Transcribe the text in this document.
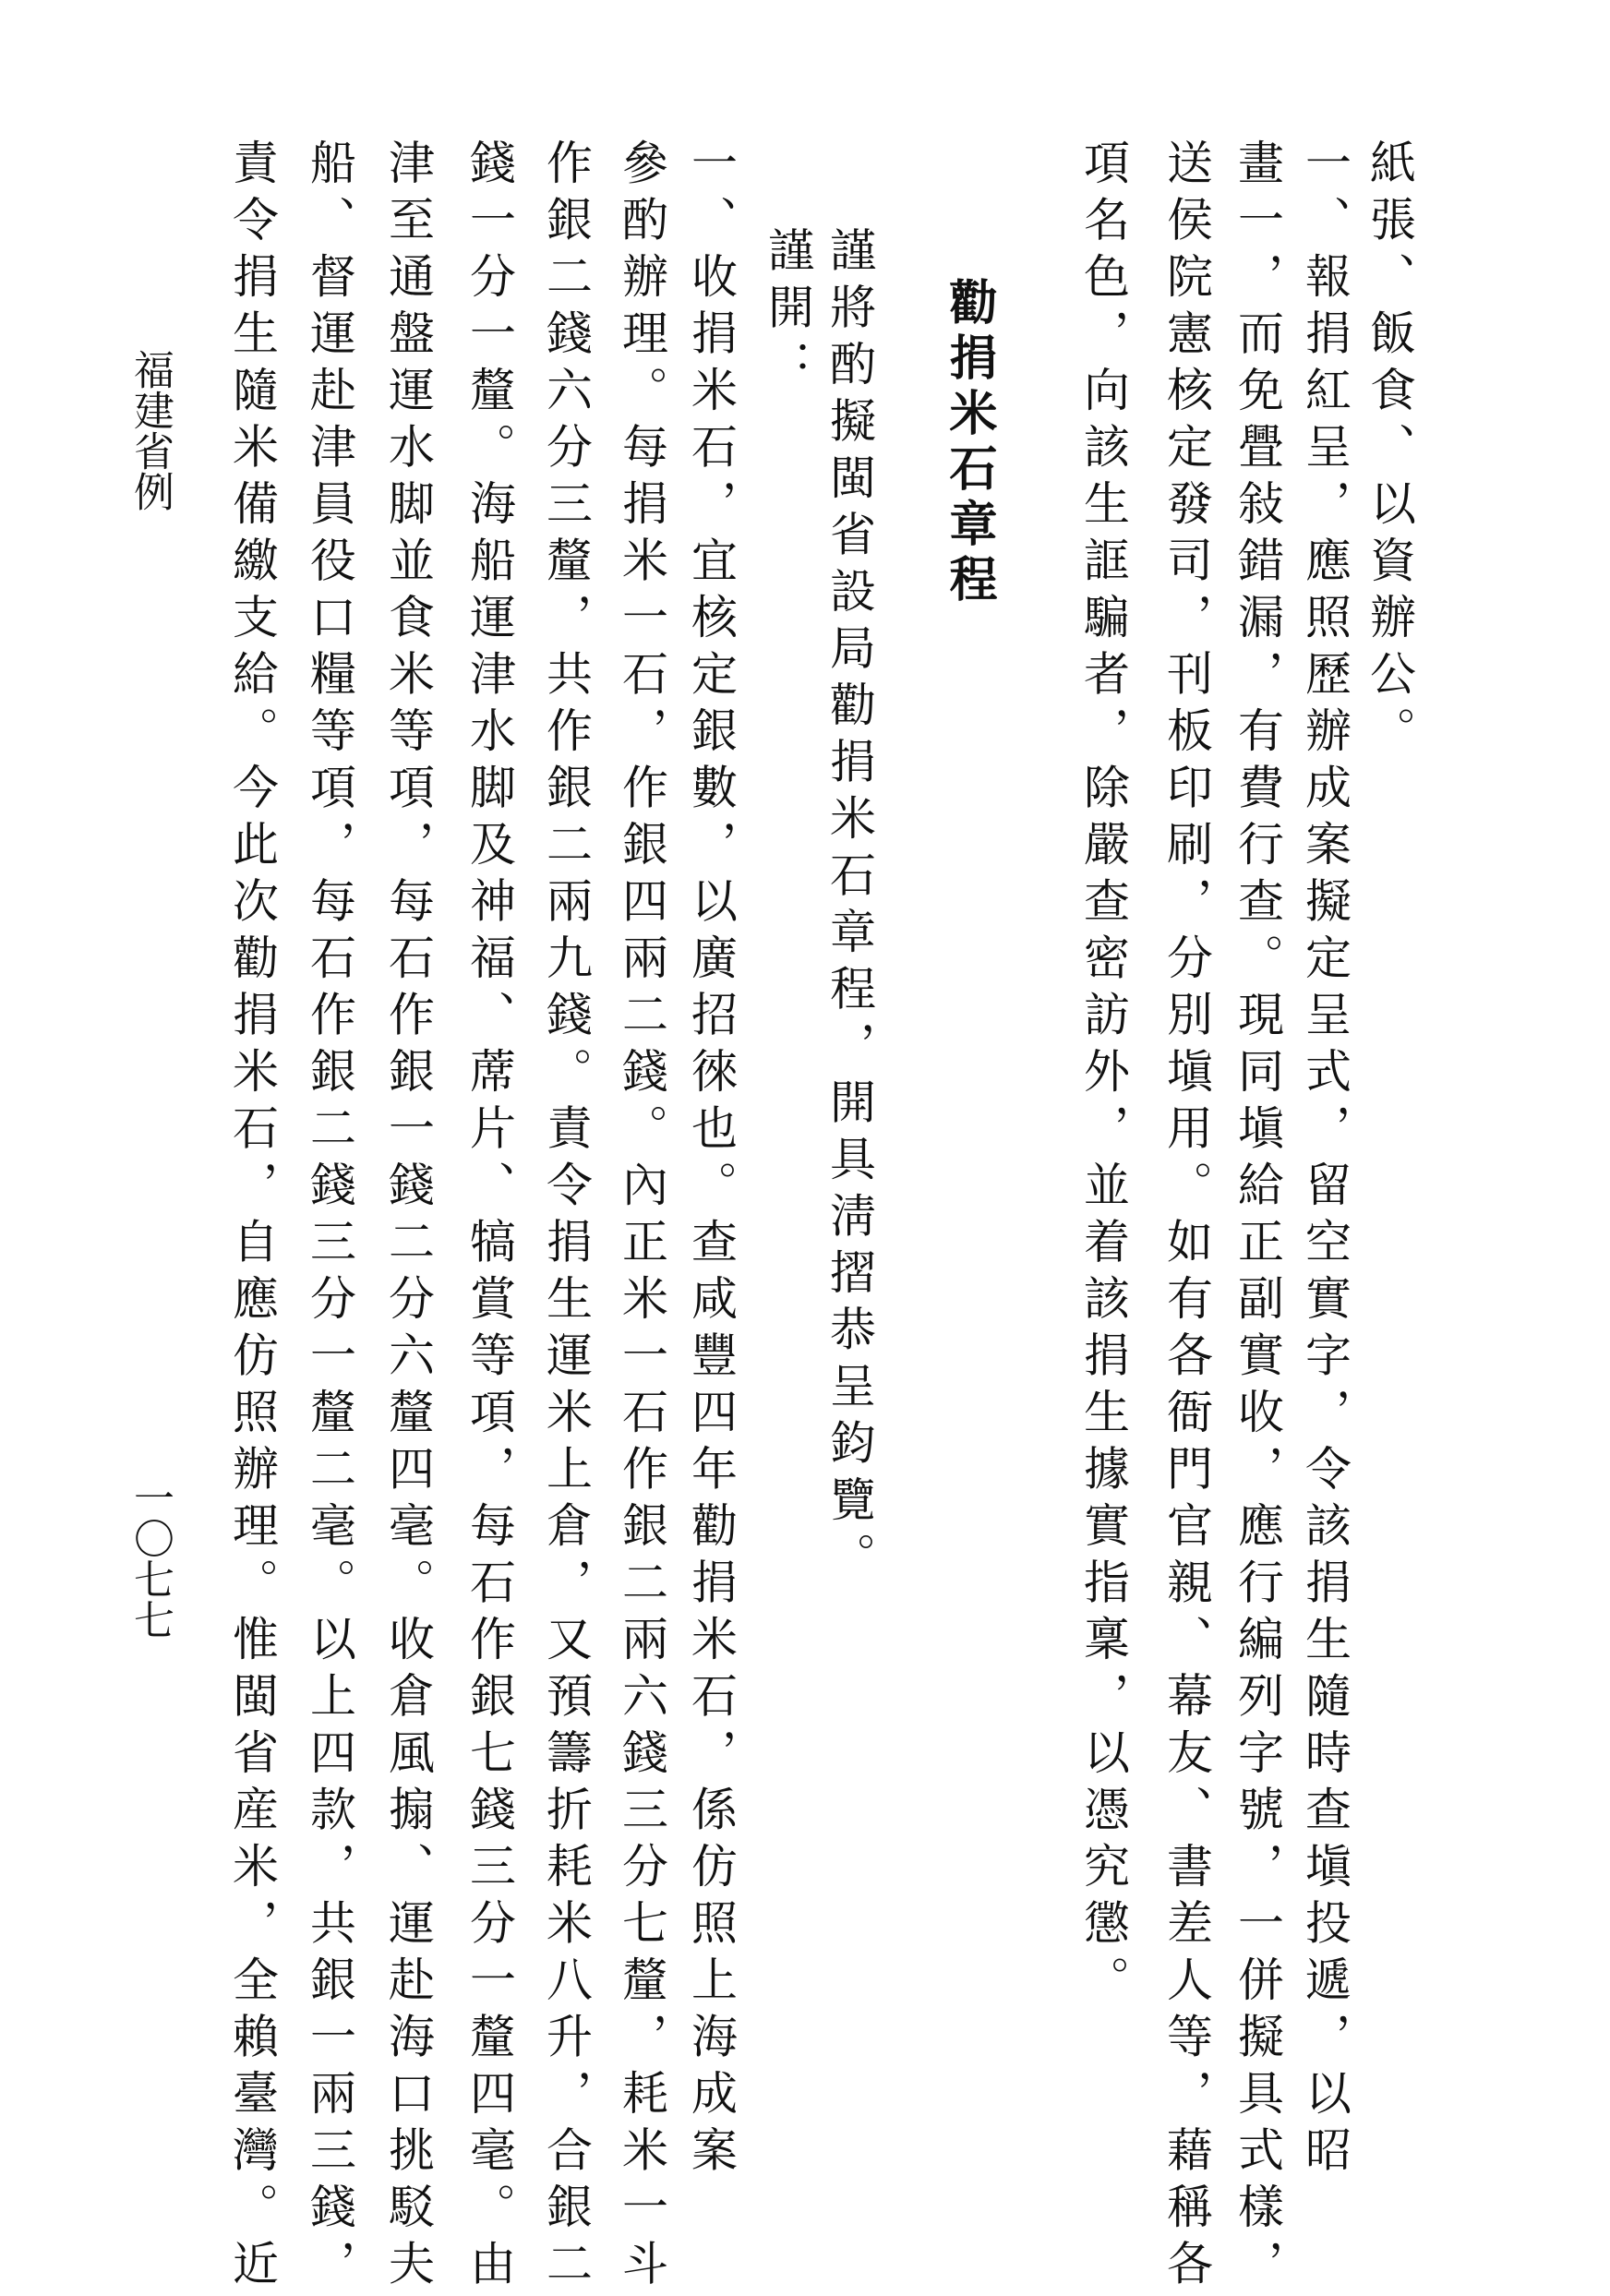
紙張、飯食、以資辦公。
一、報捐紅呈，應照歷辦成案擬定呈式，留空實字，令該捐生隨時查塡投遞，以昭
畫一，而免舋敍錯漏，有費行查。現同塡給正副實收，應行編列字號，一併擬具式樣，
送侯院憲核定發司，刊板印刷，分別塡用。如有各衙門官親、幕友、書差人等，藉稱各
項名色，向該生誆騙者，除嚴查密訪外，並着該捐生據實指稟，以憑究懲。
勸捐米石章程
謹將酌擬閩省設局勸捐米石章程，開具淸摺恭呈鈞覽。
謹開：
一、收捐米石，宜核定銀數，以廣招徠也。查咸豐四年勸捐米石，係仿照上海成案
參酌辦理。每捐米一石，作銀四兩二錢。內正米一石作銀二兩六錢三分七釐，耗米一斗
作銀二錢六分三釐，共作銀二兩九錢。責令捐生運米上倉，又預籌折耗米八升，合銀二
錢一分一釐。海船運津水脚及神福、蓆片、犒賞等項，每石作銀七錢三分一釐四毫。由
津至通盤運水脚並食米等項，每石作銀一錢二分六釐四毫。收倉風搧、運赴海口挑駁夫
船、督運赴津員役口糧等項，每石作銀二錢三分一釐二毫。以上四款，共銀一兩三錢，
責令捐生隨米備繳支給。今此次勸捐米石，自應仿照辦理。惟閩省産米，全賴臺灣。近
福建省例
一〇七七
